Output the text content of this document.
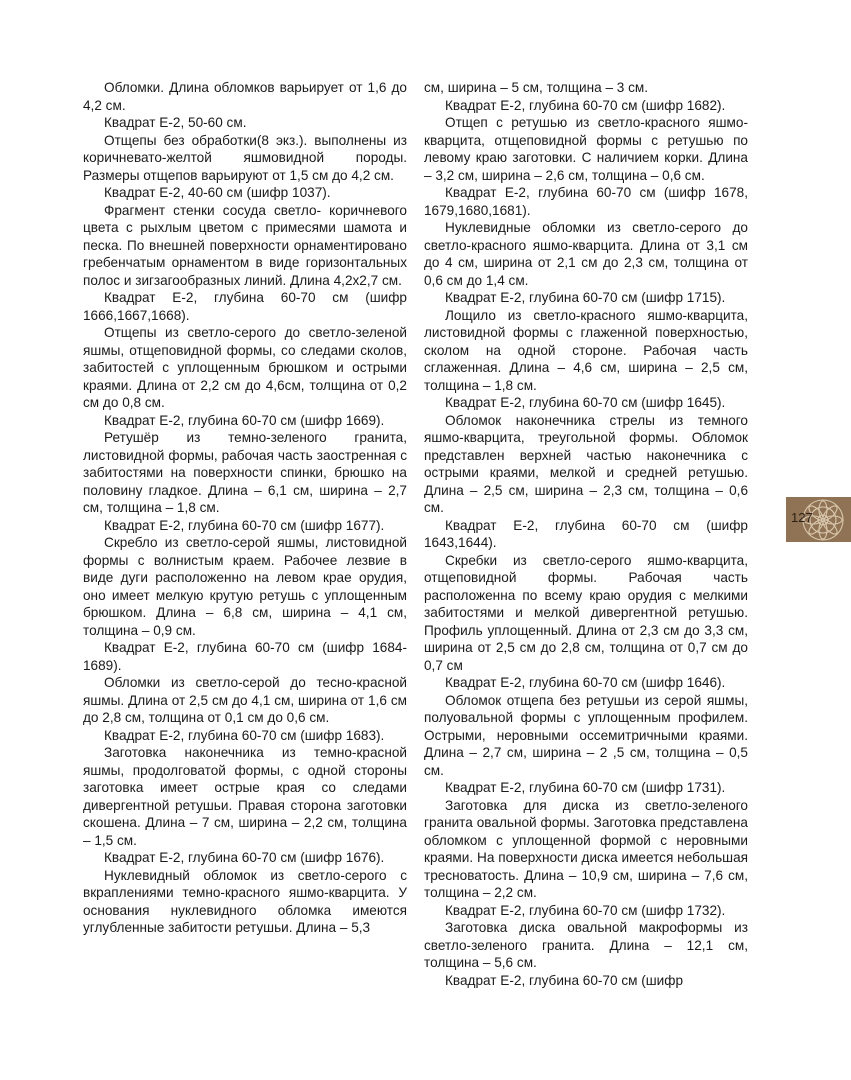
Обломки. Длина обломков варьирует от 1,6 до 4,2 см.

Квадрат Е-2, 50-60 см.

Отщепы без обработки(8 экз.). выполнены из коричневато-желтой яшмовидной породы. Размеры отщепов варьируют от 1,5 см до 4,2 см.

Квадрат Е-2, 40-60 см (шифр 1037).

Фрагмент стенки сосуда светло- коричневого цвета с рыхлым цветом с примесями шамота и песка. По внешней поверхности орнаментировано гребенчатым орнаментом в виде горизонтальных полос и зигзагообразных линий. Длина 4,2х2,7 см.

Квадрат Е-2, глубина 60-70 см (шифр 1666,1667,1668).

Отщепы из светло-серого до светло-зеленой яшмы, отщеповидной формы, со следами сколов, забитостей с уплощенным брюшком и острыми краями. Длина от 2,2 см до 4,6см, толщина от 0,2 см до 0,8 см.

Квадрат Е-2, глубина 60-70 см (шифр 1669).

Ретушёр из темно-зеленого гранита, листовидной формы, рабочая часть заостренная с забитостями на поверхности спинки, брюшко на половину гладкое. Длина – 6,1 см, ширина – 2,7 см, толщина – 1,8 см.

Квадрат Е-2, глубина 60-70 см (шифр 1677).

Скребло из светло-серой яшмы, листовидной формы с волнистым краем. Рабочее лезвие в виде дуги расположенно на левом крае орудия, оно имеет мелкую крутую ретушь с уплощенным брюшком. Длина – 6,8 см, ширина – 4,1 см, толщина – 0,9 см.

Квадрат Е-2, глубина 60-70 см (шифр 1684-1689).

Обломки из светло-серой до тесно-красной яшмы. Длина от 2,5 см до 4,1 см, ширина от 1,6 см до 2,8 см, толщина от 0,1 см до 0,6 см.

Квадрат Е-2, глубина 60-70 см (шифр 1683).

Заготовка наконечника из темно-красной яшмы, продолговатой формы, с одной стороны заготовка имеет острые края со следами дивергентной ретушьи. Правая сторона заготовки скошена. Длина – 7 см, ширина – 2,2 см, толщина – 1,5 см.

Квадрат Е-2, глубина 60-70 см (шифр 1676).

Нуклевидный обломок из светло-серого с вкраплениями темно-красного яшмо-кварцита. У основания нуклевидного обломка имеются углубленные забитости ретушьи. Длина – 5,3

см, ширина – 5 см, толщина – 3 см.

Квадрат Е-2, глубина 60-70 см (шифр 1682).

Отщеп с ретушью из светло-красного яшмо-кварцита, отщеповидной формы с ретушью по левому краю заготовки. С наличием корки. Длина – 3,2 см, ширина – 2,6 см, толщина – 0,6 см.

Квадрат Е-2, глубина 60-70 см (шифр 1678, 1679,1680,1681).

Нуклевидные обломки из светло-серого до светло-красного яшмо-кварцита. Длина от 3,1 см до 4 см, ширина от 2,1 см до 2,3 см, толщина от 0,6 см до 1,4 см.

Квадрат Е-2, глубина 60-70 см (шифр 1715).

Лощило из светло-красного яшмо-кварцита, листовидной формы с глаженной поверхностью, сколом на одной стороне. Рабочая часть сглаженная. Длина – 4,6 см, ширина – 2,5 см, толщина – 1,8 см.

Квадрат Е-2, глубина 60-70 см (шифр 1645).

Обломок наконечника стрелы из темного яшмо-кварцита, треугольной формы. Обломок представлен верхней частью наконечника с острыми краями, мелкой и средней ретушью. Длина – 2,5 см, ширина – 2,3 см, толщина – 0,6 см.

Квадрат Е-2, глубина 60-70 см (шифр 1643,1644).

Скребки из светло-серого яшмо-кварцита, отщеповидной формы. Рабочая часть расположенна по всему краю орудия с мелкими забитостями и мелкой дивергентной ретушью. Профиль уплощенный. Длина от 2,3 см до 3,3 см, ширина от 2,5 см до 2,8 см, толщина от 0,7 см до 0,7 см

Квадрат Е-2, глубина 60-70 см (шифр 1646).

Обломок отщепа без ретушьи из серой яшмы, полуовальной формы с уплощенным профилем. Острыми, неровными оссемитричными краями. Длина – 2,7 см, ширина – 2 ,5 см, толщина – 0,5 см.

Квадрат Е-2, глубина 60-70 см (шифр 1731).

Заготовка для диска из светло-зеленого гранита овальной формы. Заготовка представлена обломком с уплощенной формой с неровными краями. На поверхности диска имеется небольшая тресноватость. Длина – 10,9 см, ширина – 7,6 см, толщина – 2,2 см.

Квадрат Е-2, глубина 60-70 см (шифр 1732).

Заготовка диска овальной макроформы из светло-зеленого гранита. Длина – 12,1 см, толщина – 5,6 см.

Квадрат Е-2, глубина 60-70 см (шифр

127
